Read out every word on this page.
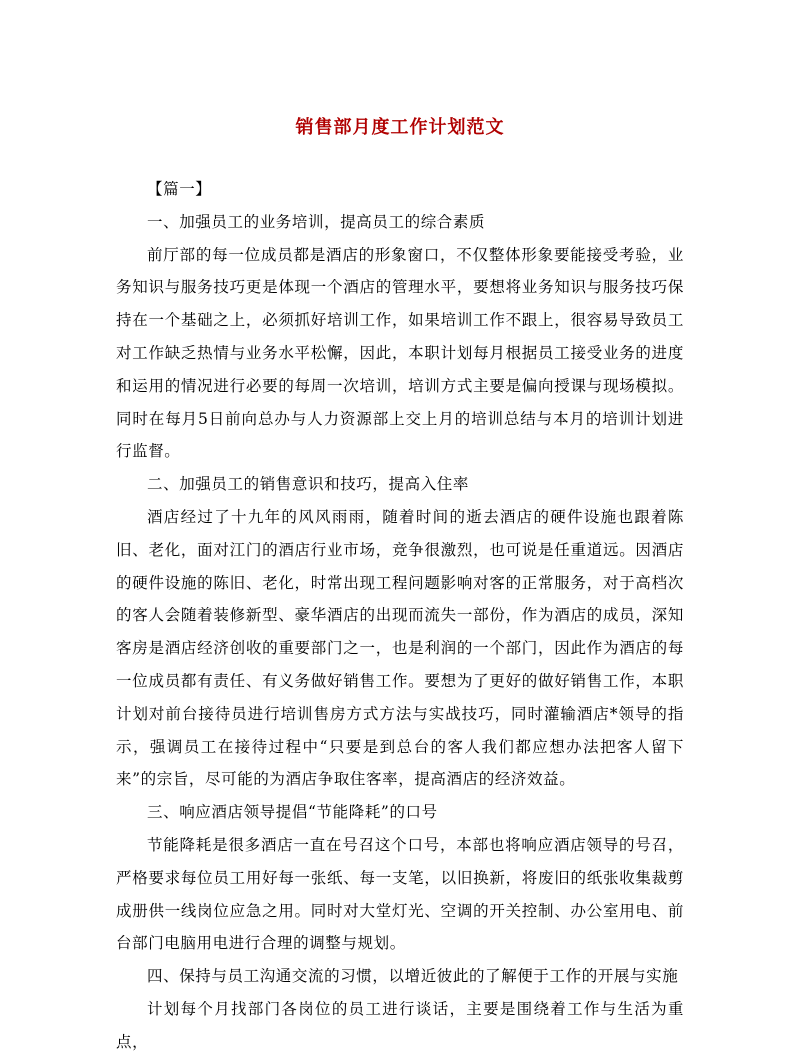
销售部月度工作计划范文

【篇一】

一、加强员工的业务培训，提高员工的综合素质

前厅部的每一位成员都是酒店的形象窗口，不仅整体形象要能接受考验，业务知识与服务技巧更是体现一个酒店的管理水平，要想将业务知识与服务技巧保持在一个基础之上，必须抓好培训工作，如果培训工作不跟上，很容易导致员工对工作缺乏热情与业务水平松懈，因此，本职计划每月根据员工接受业务的进度和运用的情况进行必要的每周一次培训，培训方式主要是偏向授课与现场模拟。同时在每月5日前向总办与人力资源部上交上月的培训总结与本月的培训计划进行监督。

二、加强员工的销售意识和技巧，提高入住率

酒店经过了十九年的风风雨雨，随着时间的逝去酒店的硬件设施也跟着陈旧、老化，面对江门的酒店行业市场，竞争很激烈，也可说是任重道远。因酒店的硬件设施的陈旧、老化，时常出现工程问题影响对客的正常服务，对于高档次的客人会随着装修新型、豪华酒店的出现而流失一部份，作为酒店的成员，深知客房是酒店经济创收的重要部门之一，也是利润的一个部门，因此作为酒店的每一位成员都有责任、有义务做好销售工作。要想为了更好的做好销售工作，本职计划对前台接待员进行培训售房方式方法与实战技巧，同时灌输酒店*领导的指示，强调员工在接待过程中“只要是到总台的客人我们都应想办法把客人留下来”的宗旨，尽可能的为酒店争取住客率，提高酒店的经济效益。

三、响应酒店领导提倡“节能降耗”的口号

节能降耗是很多酒店一直在号召这个口号，本部也将响应酒店领导的号召，严格要求每位员工用好每一张纸、每一支笔，以旧换新，将废旧的纸张收集裁剪成册供一线岗位应急之用。同时对大堂灯光、空调的开关控制、办公室用电、前台部门电脑用电进行合理的调整与规划。

四、保持与员工沟通交流的习惯，以增近彼此的了解便于工作的开展与实施

计划每个月找部门各岗位的员工进行谈话，主要是围绕着工作与生活为重点，
